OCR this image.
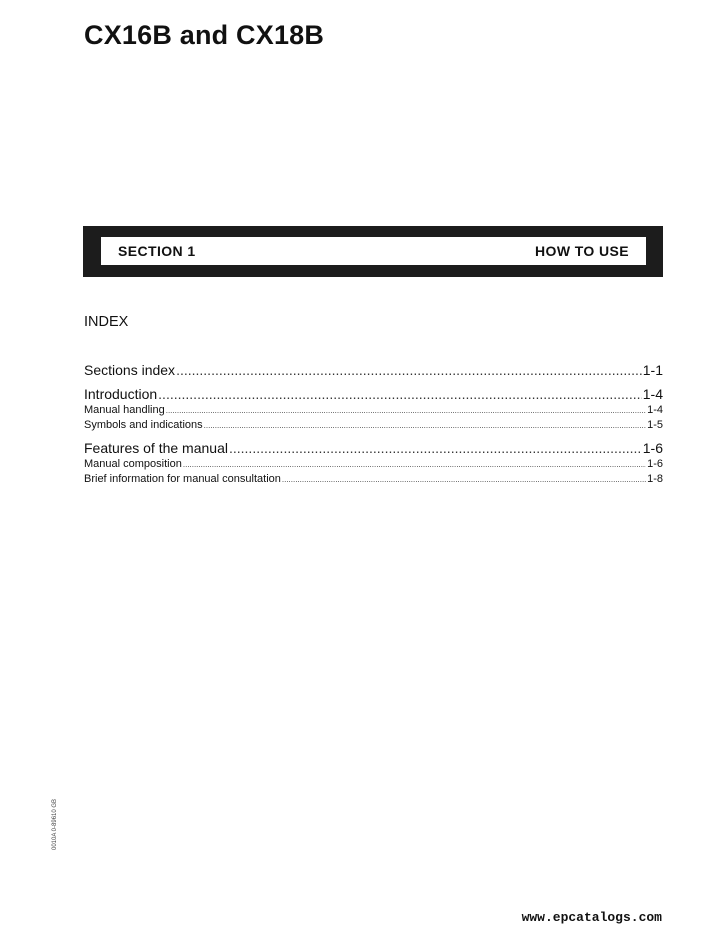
CX16B and CX18B
SECTION 1	HOW TO USE
INDEX
Sections index .....	1-1
Introduction .....	1-4
Manual handling .....	1-4
Symbols and indications .....	1-5
Features of the manual .....	1-6
Manual composition .....	1-6
Brief information for manual consultation .....	1-8
0010A 0-89610 GB
www.epcatalogs.com
